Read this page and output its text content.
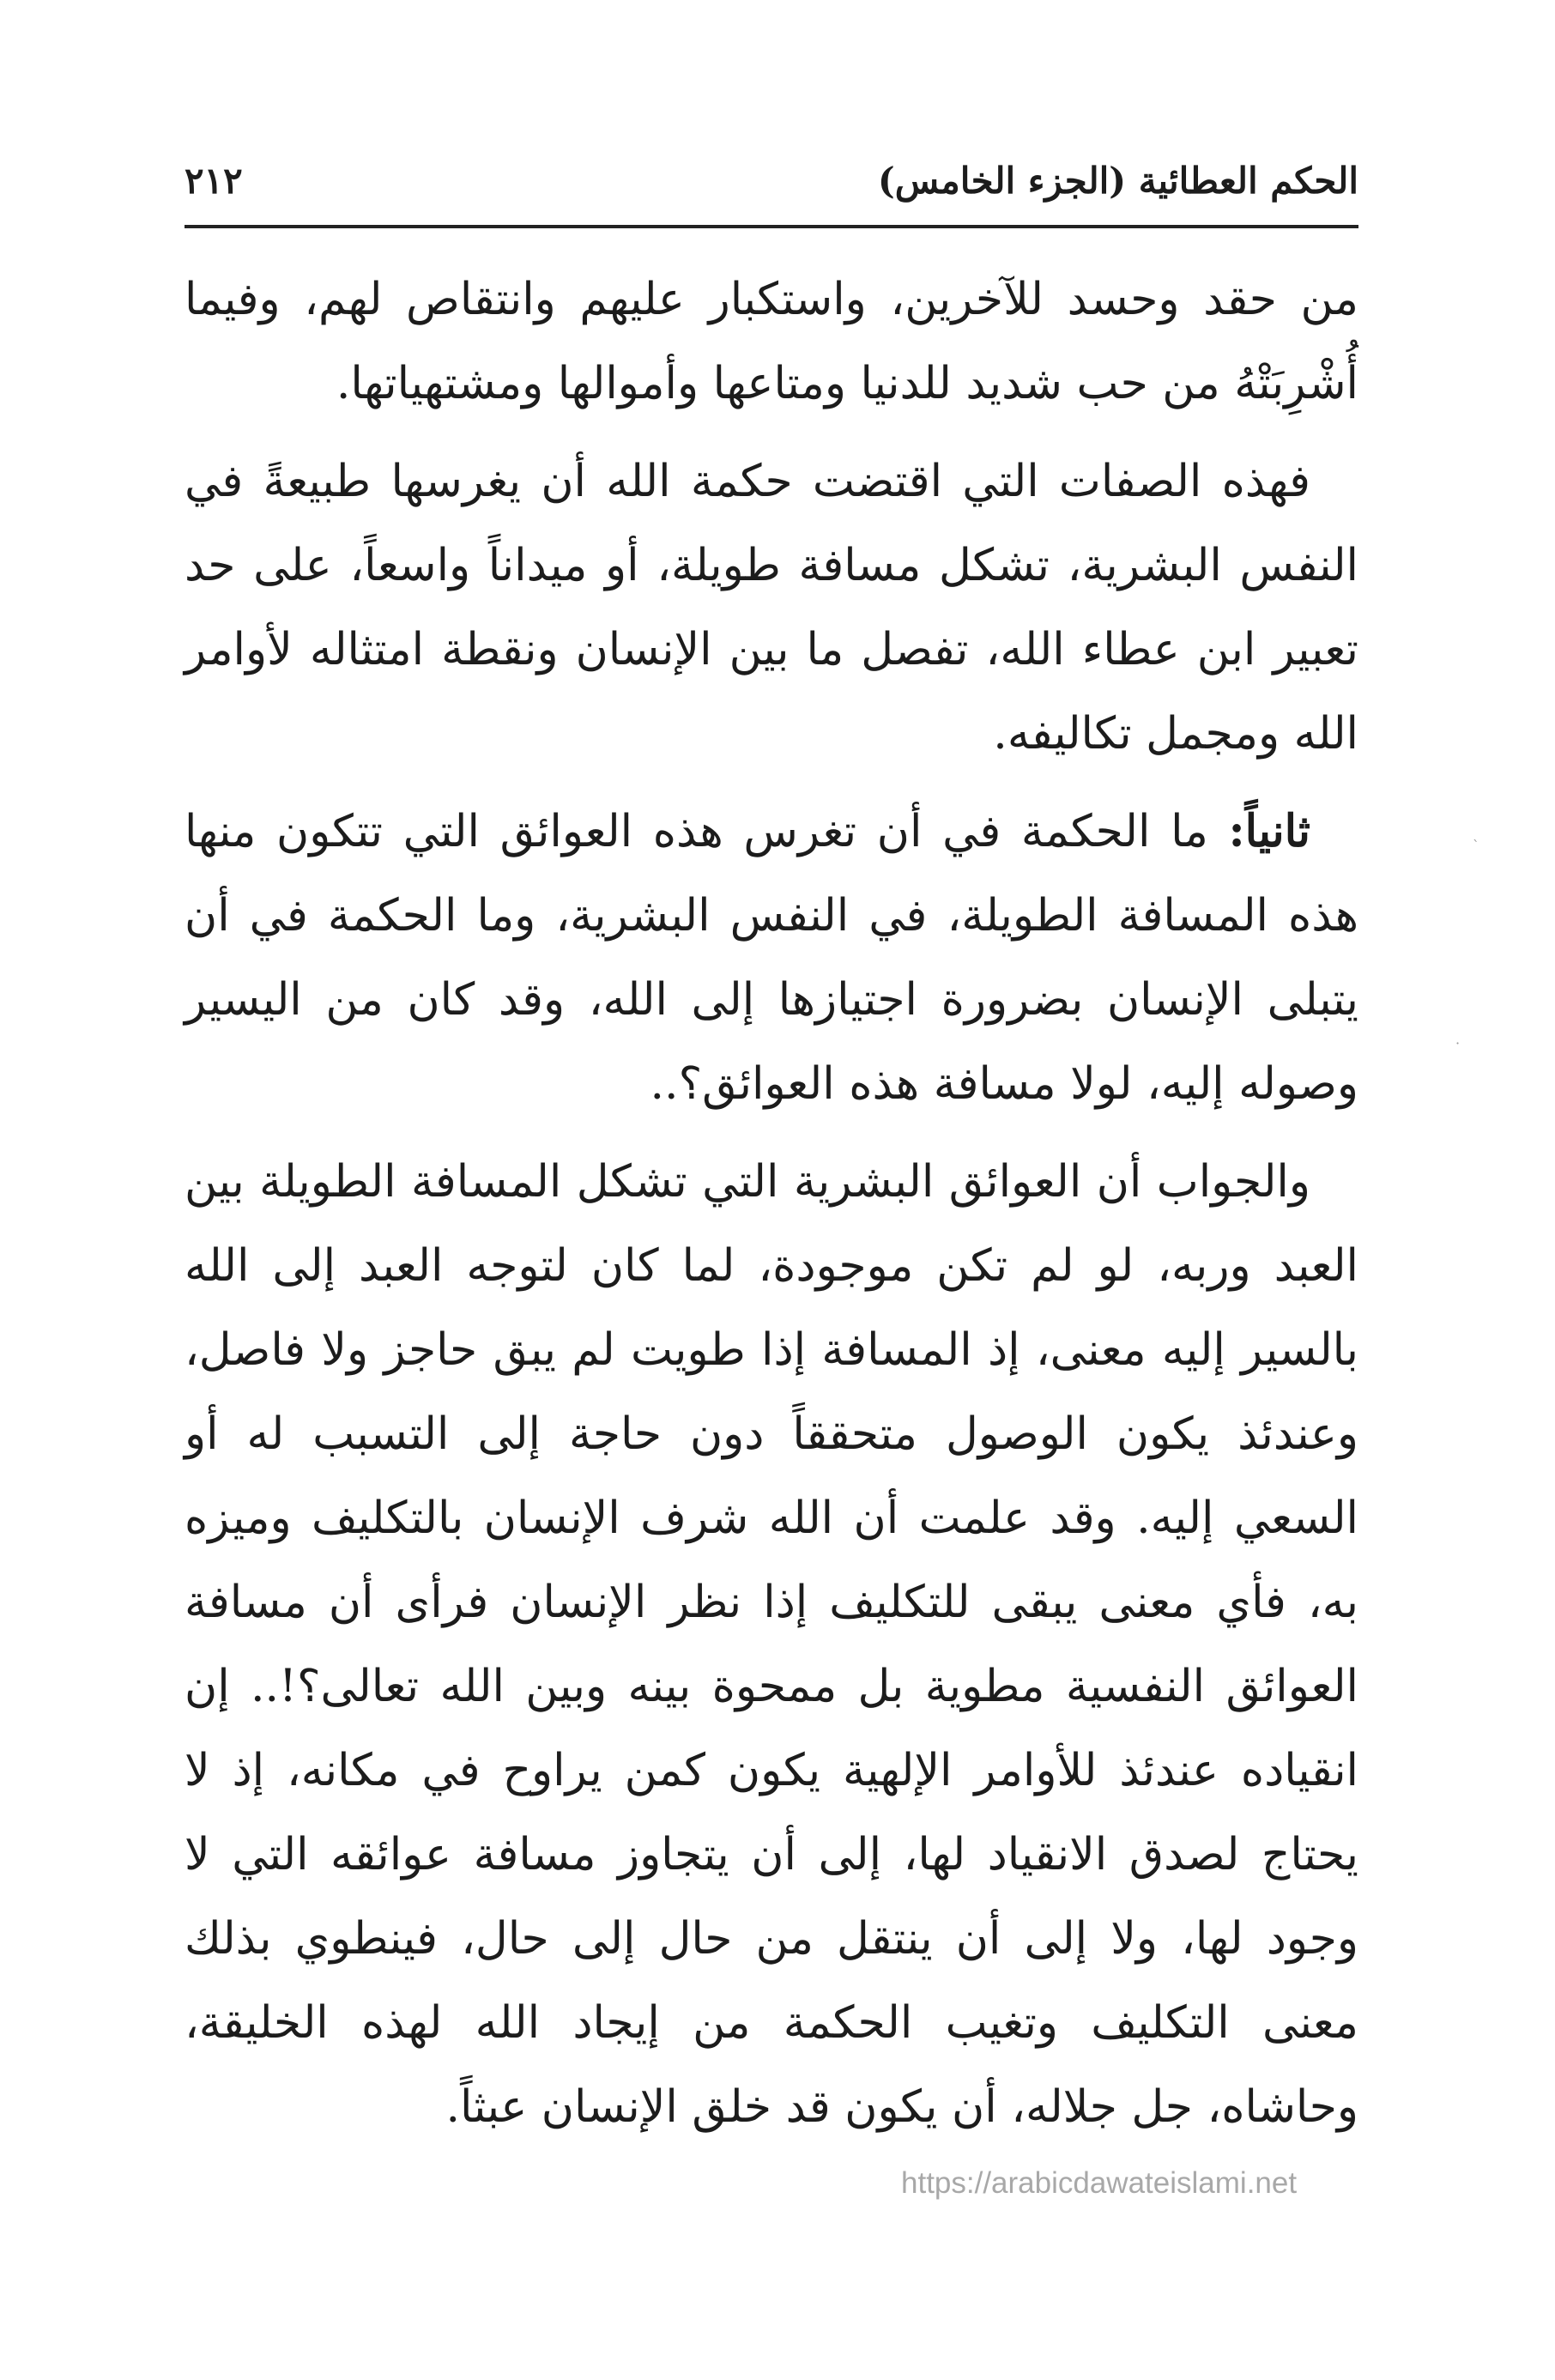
الحكم العطائية (الجزء الخامس)
٢١٢

من حقد وحسد للآخرين، واستكبار عليهم وانتقاص لهم، وفيما أُشْرِبَتْهُ من حب شديد للدنيا ومتاعها وأموالها ومشتهياتها.

فهذه الصفات التي اقتضت حكمة الله أن يغرسها طبيعةً في النفس البشرية، تشكل مسافة طويلة، أو ميداناً واسعاً، على حد تعبير ابن عطاء الله، تفصل ما بين الإنسان ونقطة امتثاله لأوامر الله ومجمل تكاليفه.

ثانياً: ما الحكمة في أن تغرس هذه العوائق التي تتكون منها هذه المسافة الطويلة، في النفس البشرية، وما الحكمة في أن يتبلى الإنسان بضرورة اجتيازها إلى الله، وقد كان من اليسير وصوله إليه، لولا مسافة هذه العوائق؟..

والجواب أن العوائق البشرية التي تشكل المسافة الطويلة بين العبد وربه، لو لم تكن موجودة، لما كان لتوجه العبد إلى الله بالسير إليه معنى، إذ المسافة إذا طويت لم يبق حاجز ولا فاصل، وعندئذ يكون الوصول متحققاً دون حاجة إلى التسبب له أو السعي إليه. وقد علمت أن الله شرف الإنسان بالتكليف وميزه به، فأي معنى يبقى للتكليف إذا نظر الإنسان فرأى أن مسافة العوائق النفسية مطوية بل ممحوة بينه وبين الله تعالى؟!.. إن انقياده عندئذ للأوامر الإلهية يكون كمن يراوح في مكانه، إذ لا يحتاج لصدق الانقياد لها، إلى أن يتجاوز مسافة عوائقه التي لا وجود لها، ولا إلى أن ينتقل من حال إلى حال، فينطوي بذلك معنى التكليف وتغيب الحكمة من إيجاد الله لهذه الخليقة، وحاشاه، جل جلاله، أن يكون قد خلق الإنسان عبثاً.

ˋ
·
https://arabicdawateislami.net
